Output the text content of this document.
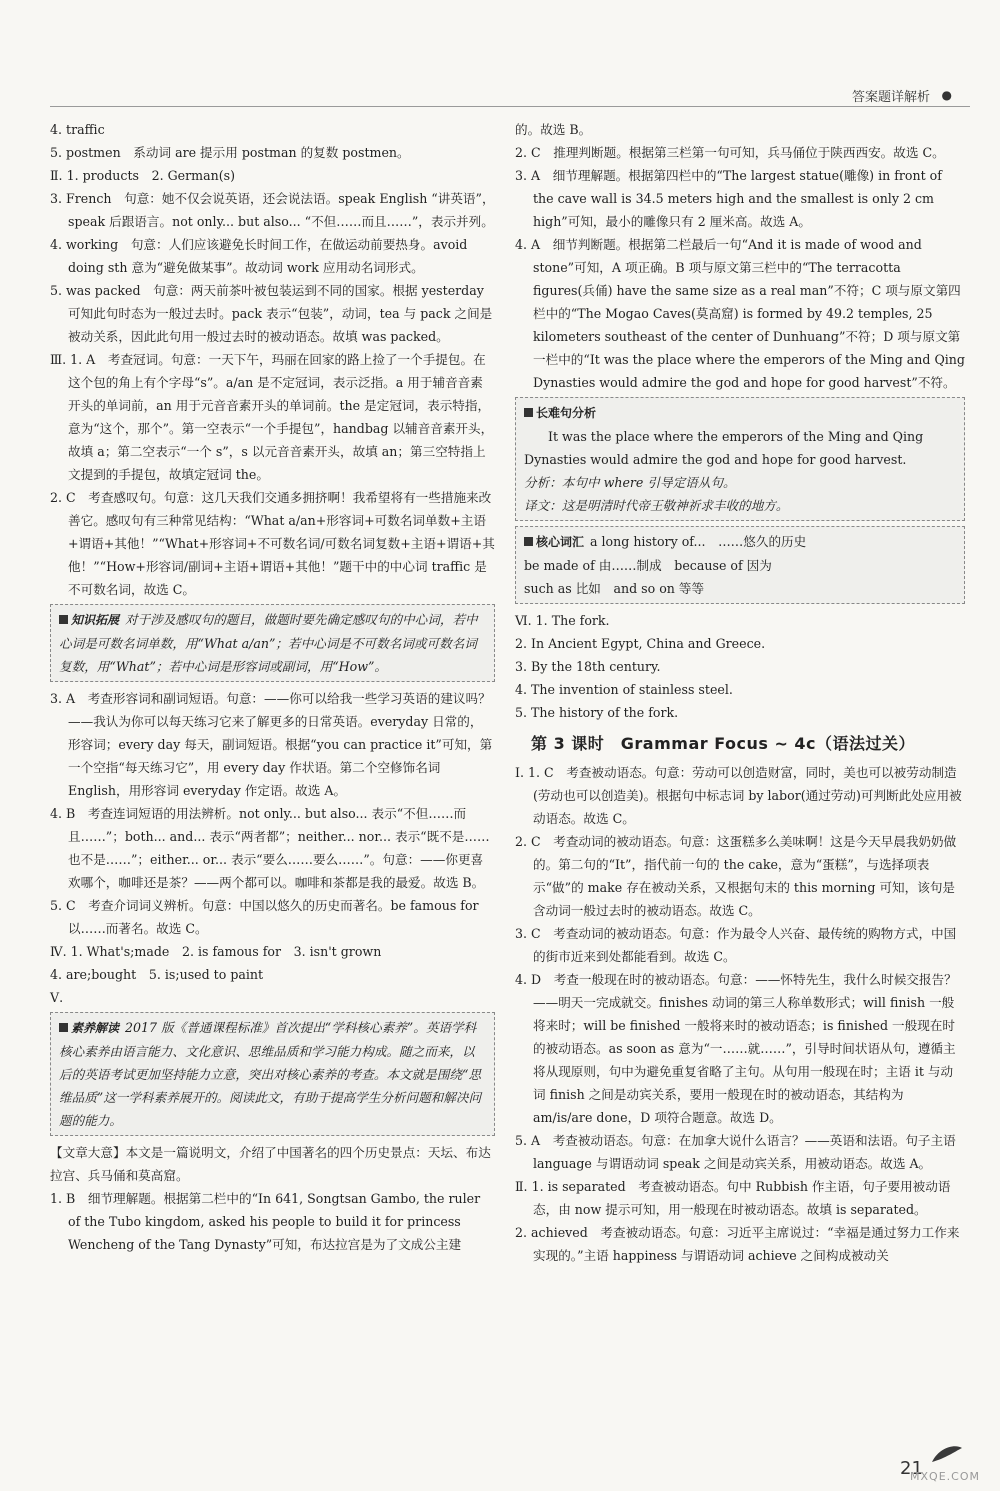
答案题详解析 ●

4. traffic

5. postmen　系动词 are 提示用 postman 的复数 postmen。

Ⅱ. 1. products　2. German(s)

3. French　句意：她不仅会说英语，还会说法语。speak English “讲英语”，speak 后跟语言。not only... but also... “不但……而且……”，表示并列。

4. working　句意：人们应该避免长时间工作，在做运动前要热身。avoid doing sth 意为“避免做某事”。故动词 work 应用动名词形式。

5. was packed　句意：两天前茶叶被包装运到不同的国家。根据 yesterday 可知此句时态为一般过去时。pack 表示“包装”，动词，tea 与 pack 之间是被动关系，因此此句用一般过去时的被动语态。故填 was packed。

Ⅲ. 1. A　考查冠词。句意：一天下午，玛丽在回家的路上捡了一个手提包。在这个包的角上有个字母“s”。a/an 是不定冠词，表示泛指。a 用于辅音音素开头的单词前，an 用于元音音素开头的单词前。the 是定冠词，表示特指，意为“这个，那个”。第一空表示“一个手提包”，handbag 以辅音音素开头，故填 a；第二空表示“一个 s”，s 以元音音素开头，故填 an；第三空特指上文提到的手提包，故填定冠词 the。

2. C　考查感叹句。句意：这几天我们交通多拥挤啊！我希望将有一些措施来改善它。感叹句有三种常见结构：“What a/an+形容词+可数名词单数+主语+谓语+其他！”“What+形容词+不可数名词/可数名词复数+主语+谓语+其他！”“How+形容词/副词+主语+谓语+其他！”题干中的中心词 traffic 是不可数名词，故选 C。

知识拓展 对于涉及感叹句的题目，做题时要先确定感叹句的中心词，若中心词是可数名词单数，用“What a/an”；若中心词是不可数名词或可数名词复数，用“What”；若中心词是形容词或副词，用“How”。

3. A　考查形容词和副词短语。句意：——你可以给我一些学习英语的建议吗？——我认为你可以每天练习它来了解更多的日常英语。everyday 日常的，形容词；every day 每天，副词短语。根据“you can practice it”可知，第一个空指“每天练习它”，用 every day 作状语。第二个空修饰名词 English，用形容词 everyday 作定语。故选 A。

4. B　考查连词短语的用法辨析。not only... but also... 表示“不但……而且……”；both... and... 表示“两者都”；neither... nor... 表示“既不是……也不是……”；either... or... 表示“要么……要么……”。句意：——你更喜欢哪个，咖啡还是茶？——两个都可以。咖啡和茶都是我的最爱。故选 B。

5. C　考查介词词义辨析。句意：中国以悠久的历史而著名。be famous for 以……而著名。故选 C。

Ⅳ. 1. What's;made　2. is famous for　3. isn't grown

4. are;bought　5. is;used to paint

Ⅴ.

素养解读 2017 版《普通课程标准》首次提出“学科核心素养”。英语学科核心素养由语言能力、文化意识、思维品质和学习能力构成。随之而来，以后的英语考试更加坚持能力立意，突出对核心素养的考查。本文就是围绕“思维品质”这一学科素养展开的。阅读此文，有助于提高学生分析问题和解决问题的能力。

【文章大意】本文是一篇说明文，介绍了中国著名的四个历史景点：天坛、布达拉宫、兵马俑和莫高窟。

1. B　细节理解题。根据第二栏中的“In 641, Songtsan Gambo, the ruler of the Tubo kingdom, asked his people to build it for princess Wencheng of the Tang Dynasty”可知，布达拉宫是为了文成公主建

的。故选 B。

2. C　推理判断题。根据第三栏第一句可知，兵马俑位于陕西西安。故选 C。

3. A　细节理解题。根据第四栏中的“The largest statue(雕像) in front of the cave wall is 34.5 meters high and the smallest is only 2 cm high”可知，最小的雕像只有 2 厘米高。故选 A。

4. A　细节判断题。根据第二栏最后一句“And it is made of wood and stone”可知，A 项正确。B 项与原文第三栏中的“The terracotta figures(兵俑) have the same size as a real man”不符；C 项与原文第四栏中的“The Mogao Caves(莫高窟) is formed by 49.2 temples, 25 kilometers southeast of the center of Dunhuang”不符；D 项与原文第一栏中的“It was the place where the emperors of the Ming and Qing Dynasties would admire the god and hope for good harvest”不符。

长难句分析

It was the place where the emperors of the Ming and Qing Dynasties would admire the god and hope for good harvest.

分析：本句中 where 引导定语从句。

译文：这是明清时代帝王敬神祈求丰收的地方。

核心词汇 a long history of...　……悠久的历史

be made of 由……制成　because of 因为

such as 比如　and so on 等等

Ⅵ. 1. The fork.

2. In Ancient Egypt, China and Greece.

3. By the 18th century.

4. The invention of stainless steel.

5. The history of the fork.

第 3 课时　Grammar Focus ~ 4c（语法过关）

Ⅰ. 1. C　考查被动语态。句意：劳动可以创造财富，同时，美也可以被劳动制造(劳动也可以创造美)。根据句中标志词 by labor(通过劳动)可判断此处应用被动语态。故选 C。

2. C　考查动词的被动语态。句意：这蛋糕多么美味啊！这是今天早晨我奶奶做的。第二句的“It”，指代前一句的 the cake，意为“蛋糕”，与选择项表示“做”的 make 存在被动关系，又根据句末的 this morning 可知，该句是含动词一般过去时的被动语态。故选 C。

3. C　考查动词的被动语态。句意：作为最令人兴奋、最传统的购物方式，中国的街市近来到处都能看到。故选 C。

4. D　考查一般现在时的被动语态。句意：——怀特先生，我什么时候交报告？——明天一完成就交。finishes 动词的第三人称单数形式；will finish 一般将来时；will be finished 一般将来时的被动语态；is finished 一般现在时的被动语态。as soon as 意为“一……就……”，引导时间状语从句，遵循主将从现原则，句中为避免重复省略了主句。从句用一般现在时；主语 it 与动词 finish 之间是动宾关系，要用一般现在时的被动语态，其结构为 am/is/are done，D 项符合题意。故选 D。

5. A　考查被动语态。句意：在加拿大说什么语言？——英语和法语。句子主语 language 与谓语动词 speak 之间是动宾关系，用被动语态。故选 A。

Ⅱ. 1. is separated　考查被动语态。句中 Rubbish 作主语，句子要用被动语态，由 now 提示可知，用一般现在时被动语态。故填 is separated。

2. achieved　考查被动语态。句意：习近平主席说过：“幸福是通过努力工作来实现的。”主语 happiness 与谓语动词 achieve 之间构成被动关

21
MXQE.COM
